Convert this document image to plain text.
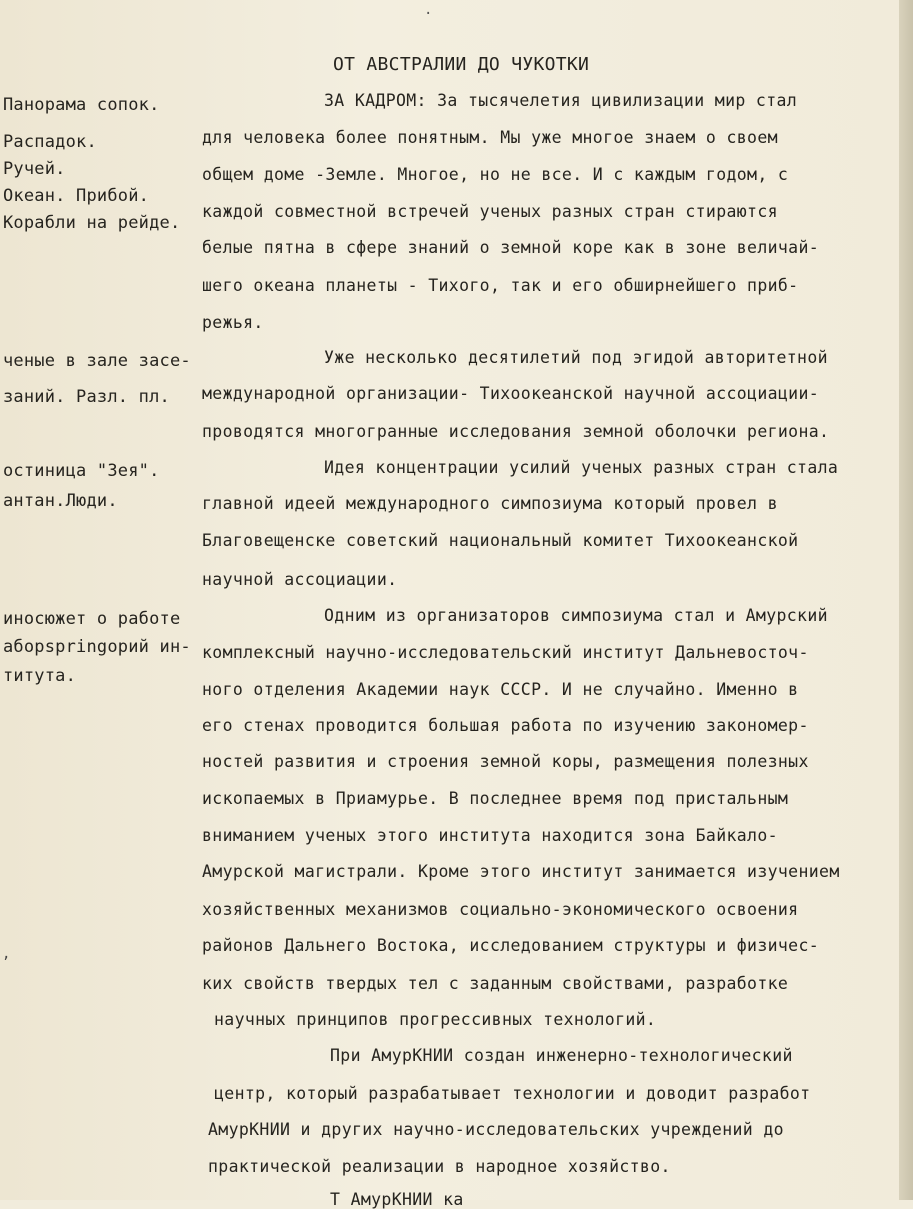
·
ОТ АВСТРАЛИИ ДО ЧУКОТКИ
Панорама сопок.
Распадок.
Ручей.
Океан. Прибой.
Корабли на рейде.
ченые в зале засе-
заний. Разл. пл.
остиница "Зея".
антан.Люди.
иносюжет о работе
аборspringорий ин-
титута.
,
ЗА КАДРОМ: За тысячелетия цивилизации мир стал
для человека более понятным. Мы уже многое знаем о своем
общем доме -Земле. Многое, но не все. И с каждым годом, с
каждой совместной встречей ученых разных стран стираются
белые пятна в сфере знаний о земной коре как в зоне величай-
шего океана планеты - Тихого, так и его обширнейшего приб-
режья.
Уже несколько десятилетий под эгидой авторитетной
международной организации- Тихоокеанской научной ассоциации-
проводятся многогранные исследования земной оболочки региона.
Идея концентрации усилий ученых разных стран стала
главной идеей международного симпозиума который провел в
Благовещенске советский национальный комитет Тихоокеанской
научной ассоциации.
Одним из организаторов симпозиума стал и Амурский
комплексный научно-исследовательский институт Дальневосточ-
ного отделения Академии наук СССР. И не случайно. Именно в
его стенах проводится большая работа по изучению закономер-
ностей развития и строения земной коры, размещения полезных
ископаемых в Приамурье. В последнее время под пристальным
вниманием ученых этого института находится зона Байкало-
Амурской магистрали. Кроме этого институт занимается изучением
хозяйственных механизмов социально-экономического освоения
районов Дальнего Востока, исследованием структуры и физичес-
ких свойств твердых тел с заданным свойствами, разработке
научных принципов прогрессивных технологий.
При АмурКНИИ создан инженерно-технологический
центр, который разрабатывает технологии и доводит разработ
АмурКНИИ и других научно-исследовательских учреждений до
практической реализации в народное хозяйство.
Т АмурКНИИ ка
